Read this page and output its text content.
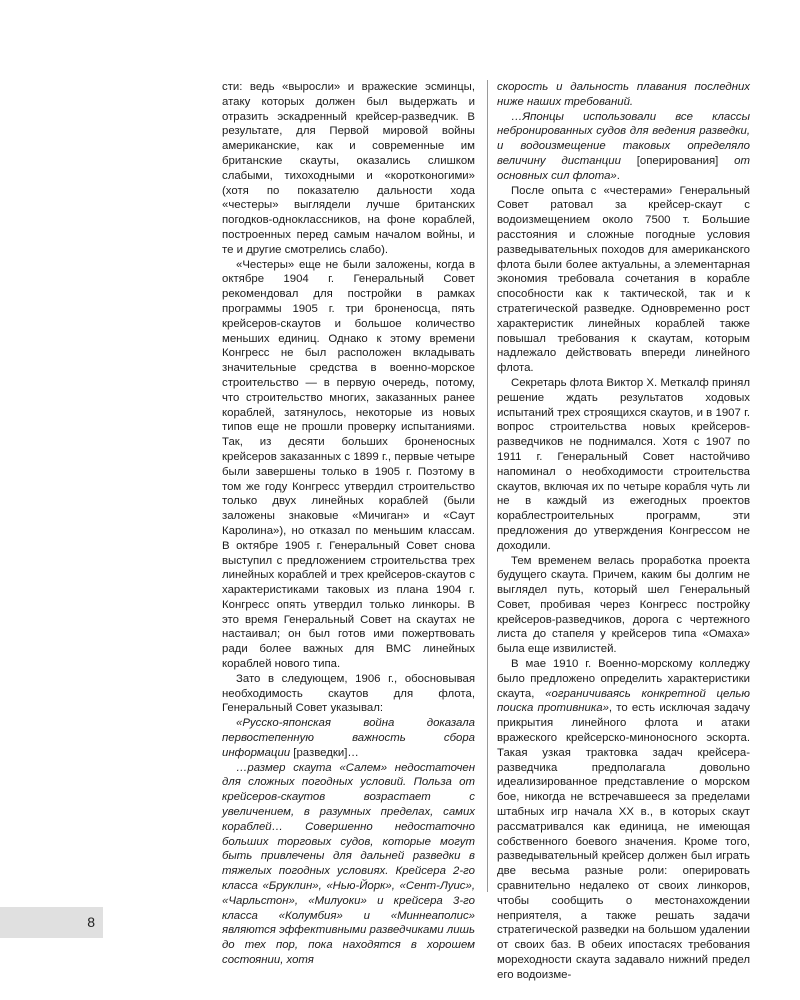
сти: ведь «выросли» и вражеские эсминцы, атаку которых должен был выдержать и отразить эскадренный крейсер-разведчик. В результате, для Первой мировой войны американские, как и современные им британские скауты, оказались слишком слабыми, тихоходными и «коротконогими» (хотя по показателю дальности хода «честеры» выглядели лучше британских погодков-одноклассников, на фоне кораблей, построенных перед самым началом войны, и те и другие смотрелись слабо).

«Честеры» еще не были заложены, когда в октябре 1904 г. Генеральный Совет рекомендовал для постройки в рамках программы 1905 г. три броненосца, пять крейсеров-скаутов и большое количество меньших единиц. Однако к этому времени Конгресс не был расположен вкладывать значительные средства в военно-морское строительство — в первую очередь, потому, что строительство многих, заказанных ранее кораблей, затянулось, некоторые из новых типов еще не прошли проверку испытаниями. Так, из десяти больших броненосных крейсеров заказанных с 1899 г., первые четыре были завершены только в 1905 г. Поэтому в том же году Конгресс утвердил строительство только двух линейных кораблей (были заложены знаковые «Мичиган» и «Саут Каролина»), но отказал по меньшим классам. В октябре 1905 г. Генеральный Совет снова выступил с предложением строительства трех линейных кораблей и трех крейсеров-скаутов с характеристиками таковых из плана 1904 г. Конгресс опять утвердил только линкоры. В это время Генеральный Совет на скаутах не настаивал; он был готов ими пожертвовать ради более важных для ВМС линейных кораблей нового типа.

Зато в следующем, 1906 г., обосновывая необходимость скаутов для флота, Генеральный Совет указывал:

«Русско-японская война доказала первостепенную важность сбора информации [разведки]…

…размер скаута «Салем» недостаточен для сложных погодных условий. Польза от крейсеров-скаутов возрастает с увеличением, в разумных пределах, самих кораблей… Совершенно недостаточно больших торговых судов, которые могут быть привлечены для дальней разведки в тяжелых погодных условиях. Крейсера 2-го класса «Бруклин», «Нью-Йорк», «Сент-Луис», «Чарльстон», «Милуоки» и крейсера 3-го класса «Колумбия» и «Миннеаполис» являются эффективными разведчиками лишь до тех пор, пока находятся в хорошем состоянии, хотя

скорость и дальность плавания последних ниже наших требований.

…Японцы использовали все классы небронированных судов для ведения разведки, и водоизмещение таковых определяло величину дистанции [оперирования] от основных сил флота».

После опыта с «честерами» Генеральный Совет ратовал за крейсер-скаут с водоизмещением около 7500 т. Большие расстояния и сложные погодные условия разведывательных походов для американского флота были более актуальны, а элементарная экономия требовала сочетания в корабле способности как к тактической, так и к стратегической разведке. Одновременно рост характеристик линейных кораблей также повышал требования к скаутам, которым надлежало действовать впереди линейного флота.

Секретарь флота Виктор Х. Меткалф принял решение ждать результатов ходовых испытаний трех строящихся скаутов, и в 1907 г. вопрос строительства новых крейсеров-разведчиков не поднимался. Хотя с 1907 по 1911 г. Генеральный Совет настойчиво напоминал о необходимости строительства скаутов, включая их по четыре корабля чуть ли не в каждый из ежегодных проектов кораблестроительных программ, эти предложения до утверждения Конгрессом не доходили.

Тем временем велась проработка проекта будущего скаута. Причем, каким бы долгим не выглядел путь, который шел Генеральный Совет, пробивая через Конгресс постройку крейсеров-разведчиков, дорога с чертежного листа до стапеля у крейсеров типа «Омаха» была еще извилистей.

В мае 1910 г. Военно-морскому колледжу было предложено определить характеристики скаута, «ограничиваясь конкретной целью поиска противника», то есть исключая задачу прикрытия линейного флота и атаки вражеского крейсерско-миноносного эскорта. Такая узкая трактовка задач крейсера-разведчика предполагала довольно идеализированное представление о морском бое, никогда не встречавшееся за пределами штабных игр начала XX в., в которых скаут рассматривался как единица, не имеющая собственного боевого значения. Кроме того, разведывательный крейсер должен был играть две весьма разные роли: оперировать сравнительно недалеко от своих линкоров, чтобы сообщить о местонахождении неприятеля, а также решать задачи стратегической разведки на большом удалении от своих баз. В обеих ипостасях требования мореходности скаута задавало нижний предел его водоизме-

8
